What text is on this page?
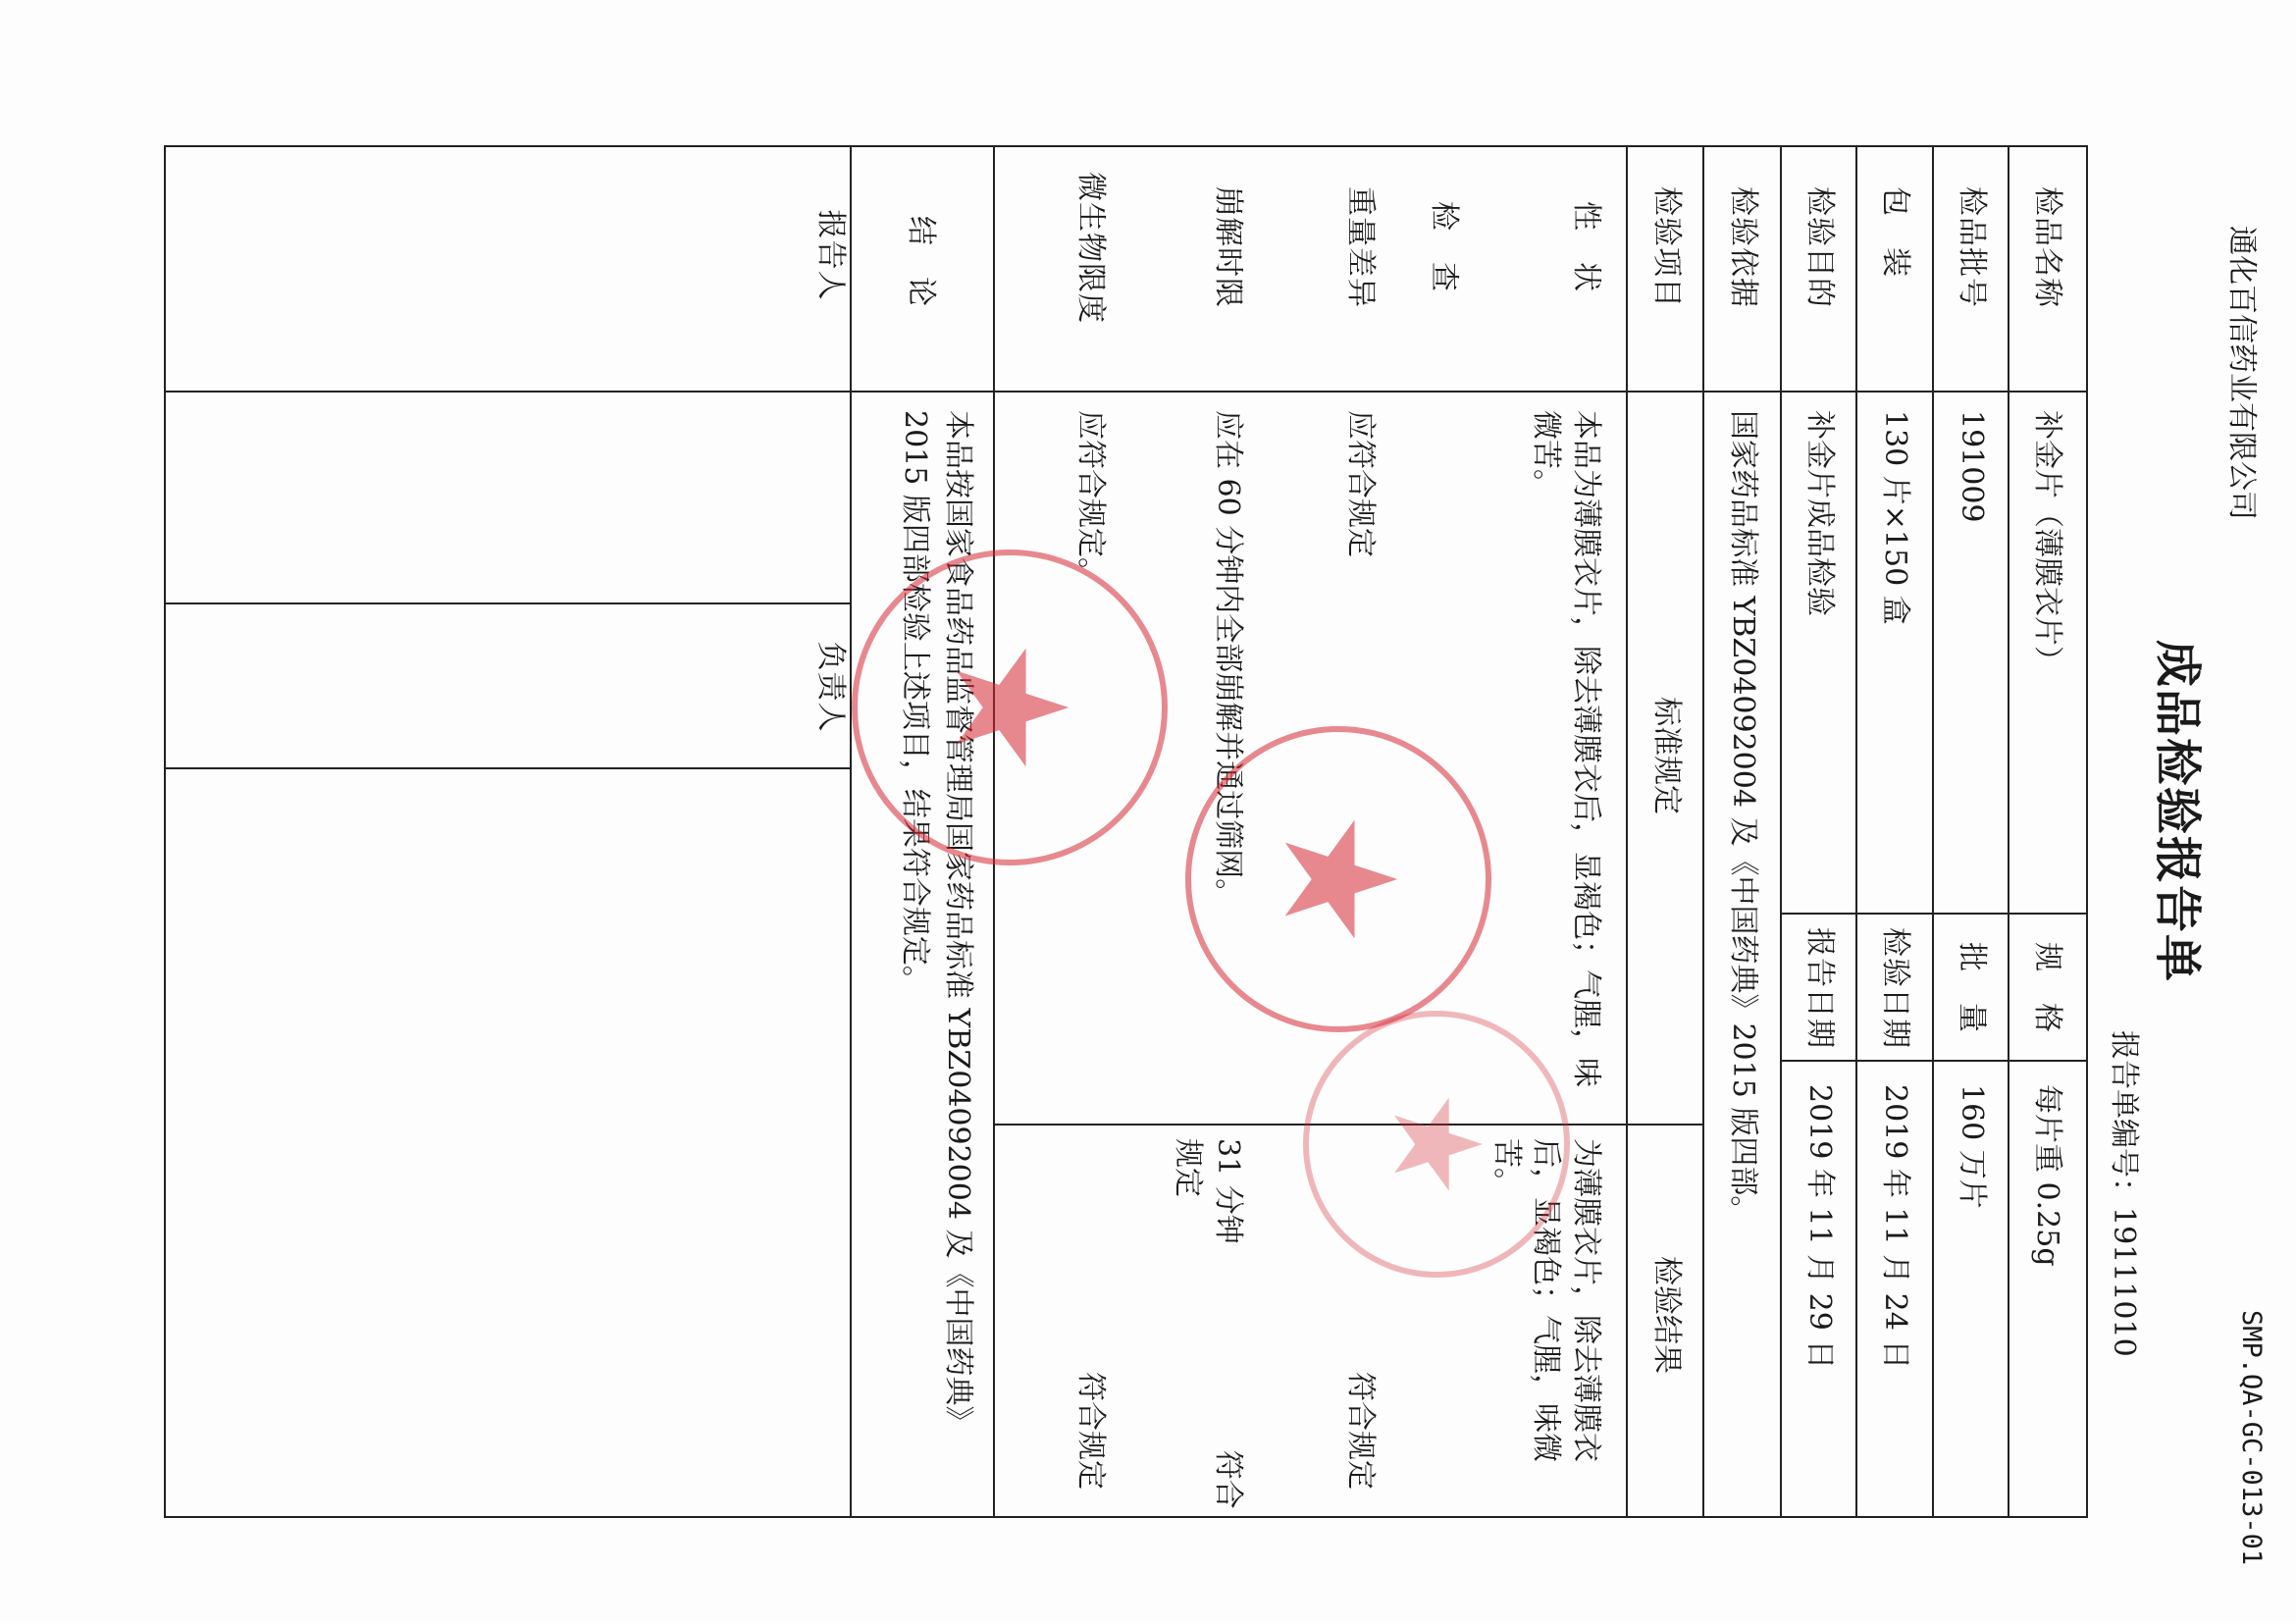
通化百信药业有限公司
SMP.QA-GC-013-01
成品检验报告单
报告单编号：19111010
检品名称
补金片（薄膜衣片）
规　格
每片重 0.25g
检品批号
191009
批　量
160 万片
包　装
130 片×150 盒
检验日期
2019 年 11 月 24 日
检验目的
补金片成品检验
报告日期
2019 年 11 月 29 日
检验依据
国家药品标准 YBZ04092004 及《中国药典》2015 版四部。
检验项目
标准规定
检验结果
性　状
本品为薄膜衣片，除去薄膜衣后，显褐色；气腥，味微苦。
为薄膜衣片，除去薄膜衣后，显褐色；气腥，味微苦。
检　查
重量差异
应符合规定
符合规定
崩解时限
应在 60 分钟内全部崩解并通过筛网。
31 分钟　　　　　　　符合规定
微生物限度
应符合规定。
符合规定
结　论
本品按国家食品药品监督管理局国家药品标准 YBZ04092004 及《中国药典》2015 版四部检验上述项目，结果符合规定。
报告人
负责人
★
★
★
